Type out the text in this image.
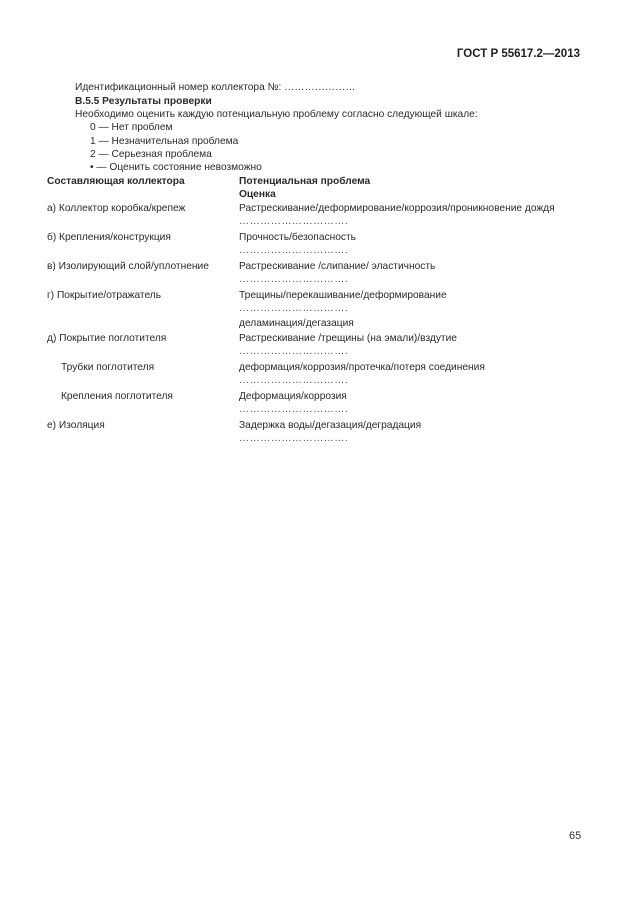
ГОСТ Р 55617.2—2013
Идентификационный номер коллектора №: …………………
В.5.5 Результаты проверки
Необходимо оценить каждую потенциальную проблему согласно следующей шкале:
0 — Нет проблем
1 — Незначительная проблема
2 — Серьезная проблема
• — Оценить состояние невозможно
Составляющая коллектора	Потенциальная проблема
Оценка
а) Коллектор коробка/крепеж	Растрескивание/деформирование/коррозия/проникновение дождя
………………………….
б) Крепления/конструкция	Прочность/безопасность
………………………….
в) Изолирующий слой/уплотнение	Растрескивание /слипание/ эластичность
………………………….
г) Покрытие/отражатель	Трещины/перекашивание/деформирование
………………………….
деламинация/дегазация
д) Покрытие поглотителя	Растрескивание /трещины (на эмали)/вздутие
………………………….
Трубки поглотителя	деформация/коррозия/протечка/потеря соединения
………………………….
Крепления поглотителя	Деформация/коррозия
………………………….
е) Изоляция	Задержка воды/дегазация/деградация
………………………….
65
